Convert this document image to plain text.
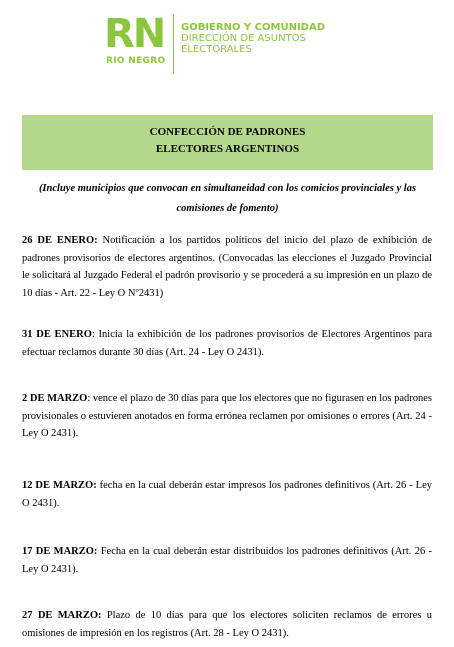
RN
RIO NEGRO
GOBIERNO Y COMUNIDAD
DIRECCIÓN DE ASUNTOS
ELECTORALES
CONFECCIÓN DE PADRONES
ELECTORES ARGENTINOS
(Incluye municipios que convocan en simultaneidad con los comicios provinciales y las comisiones de fomento)
26 DE ENERO: Notificación a los partidos políticos del inicio del plazo de exhibición de padrones provisorios de electores argentinos. (Convocadas las elecciones el Juzgado Provincial le solicitará al Juzgado Federal el padrón provisorio y se procederá a su impresión en un plazo de 10 días - Art. 22 - Ley O Nº2431)
31 DE ENERO: Inicia la exhibición de los padrones provisorios de Electores Argentinos para efectuar reclamos durante 30 días (Art. 24 - Ley O 2431).
2 DE MARZO: vence el plazo de 30 días para que los electores que no figurasen en los padrones provisionales o estuvieren anotados en forma errónea reclamen por omisiones o errores (Art. 24 - Ley O 2431).
12 DE MARZO: fecha en la cual deberán estar impresos los padrones definitivos (Art. 26 - Ley O 2431).
17 DE MARZO: Fecha en la cual deberán estar distribuidos los padrones definitivos (Art. 26 - Ley O 2431).
27 DE MARZO: Plazo de 10 días para que los electores soliciten reclamos de errores u omisiones de impresión en los registros (Art. 28 - Ley O 2431).
